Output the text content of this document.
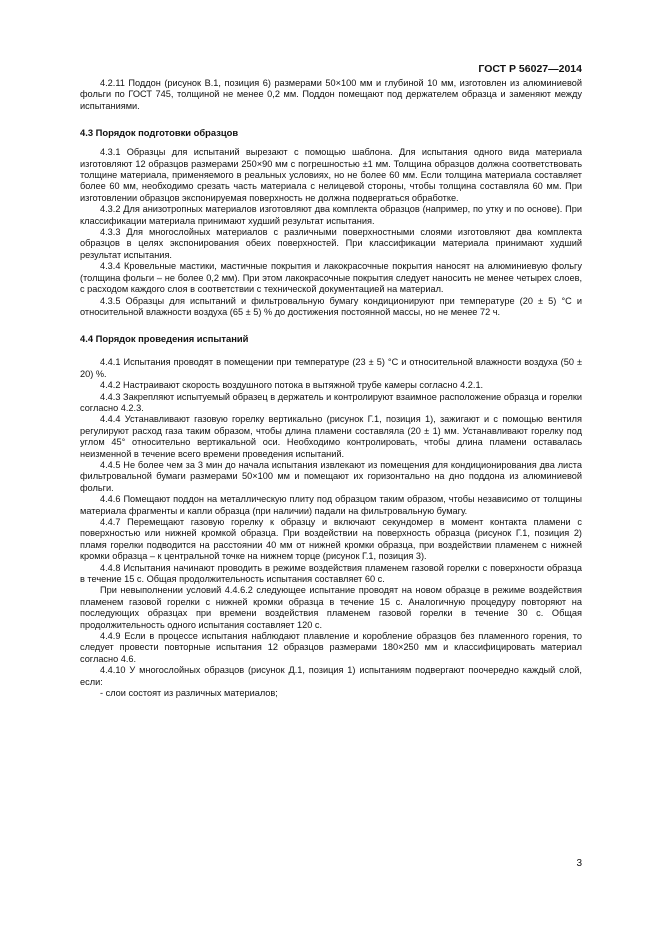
ГОСТ Р 56027—2014

4.2.11 Поддон (рисунок В.1, позиция 6) размерами 50×100 мм и глубиной 10 мм, изготовлен из алюминиевой фольги по ГОСТ 745, толщиной не менее 0,2 мм. Поддон помещают под держателем образца и заменяют между испытаниями.

4.3 Порядок подготовки образцов

4.3.1 Образцы для испытаний вырезают с помощью шаблона. Для испытания одного вида материала изготовляют 12 образцов размерами 250×90 мм с погрешностью ±1 мм. Толщина образцов должна соответствовать толщине материала, применяемого в реальных условиях, но не более 60 мм. Если толщина материала составляет более 60 мм, необходимо срезать часть материала с нелицевой стороны, чтобы толщина составляла 60 мм. При изготовлении образцов экспонируемая поверхность не должна подвергаться обработке.

4.3.2 Для анизотропных материалов изготовляют два комплекта образцов (например, по утку и по основе). При классификации материала принимают худший результат испытания.

4.3.3 Для многослойных материалов с различными поверхностными слоями изготовляют два комплекта образцов в целях экспонирования обеих поверхностей. При классификации материала принимают худший результат испытания.

4.3.4 Кровельные мастики, мастичные покрытия и лакокрасочные покрытия наносят на алюминиевую фольгу (толщина фольги – не более 0,2 мм). При этом лакокрасочные покрытия следует наносить не менее четырех слоев, с расходом каждого слоя в соответствии с технической документацией на материал.

4.3.5 Образцы для испытаний и фильтровальную бумагу кондиционируют при температуре (20 ± 5) °С и относительной влажности воздуха (65 ± 5) % до достижения постоянной массы, но не менее 72 ч.

4.4 Порядок проведения испытаний

4.4.1 Испытания проводят в помещении при температуре (23 ± 5) °С и относительной влажности воздуха (50 ± 20) %.

4.4.2 Настраивают скорость воздушного потока в вытяжной трубе камеры согласно 4.2.1.

4.4.3 Закрепляют испытуемый образец в держатель и контролируют взаимное расположение образца и горелки согласно 4.2.3.

4.4.4 Устанавливают газовую горелку вертикально (рисунок Г.1, позиция 1), зажигают и с помощью вентиля регулируют расход газа таким образом, чтобы длина пламени составляла (20 ± 1) мм. Устанавливают горелку под углом 45° относительно вертикальной оси. Необходимо контролировать, чтобы длина пламени оставалась неизменной в течение всего времени проведения испытаний.

4.4.5 Не более чем за 3 мин до начала испытания извлекают из помещения для кондиционирования два листа фильтровальной бумаги размерами 50×100 мм и помещают их горизонтально на дно поддона из алюминиевой фольги.

4.4.6 Помещают поддон на металлическую плиту под образцом таким образом, чтобы независимо от толщины материала фрагменты и капли образца (при наличии) падали на фильтровальную бумагу.

4.4.7 Перемещают газовую горелку к образцу и включают секундомер в момент контакта пламени с поверхностью или нижней кромкой образца. При воздействии на поверхность образца (рисунок Г.1, позиция 2) пламя горелки подводится на расстоянии 40 мм от нижней кромки образца, при воздействии пламенем с нижней кромки образца – к центральной точке на нижнем торце (рисунок Г.1, позиция 3).

4.4.8 Испытания начинают проводить в режиме воздействия пламенем газовой горелки с поверхности образца в течение 15 с. Общая продолжительность испытания составляет 60 с.

При невыполнении условий 4.4.6.2 следующее испытание проводят на новом образце в режиме воздействия пламенем газовой горелки с нижней кромки образца в течение 15 с. Аналогичную процедуру повторяют на последующих образцах при времени воздействия пламенем газовой горелки в течение 30 с. Общая продолжительность одного испытания составляет 120 с.

4.4.9 Если в процессе испытания наблюдают плавление и коробление образцов без пламенного горения, то следует провести повторные испытания 12 образцов размерами 180×250 мм и классифицировать материал согласно 4.6.

4.4.10 У многослойных образцов (рисунок Д.1, позиция 1) испытаниям подвергают поочередно каждый слой, если:

- слои состоят из различных материалов;

3
